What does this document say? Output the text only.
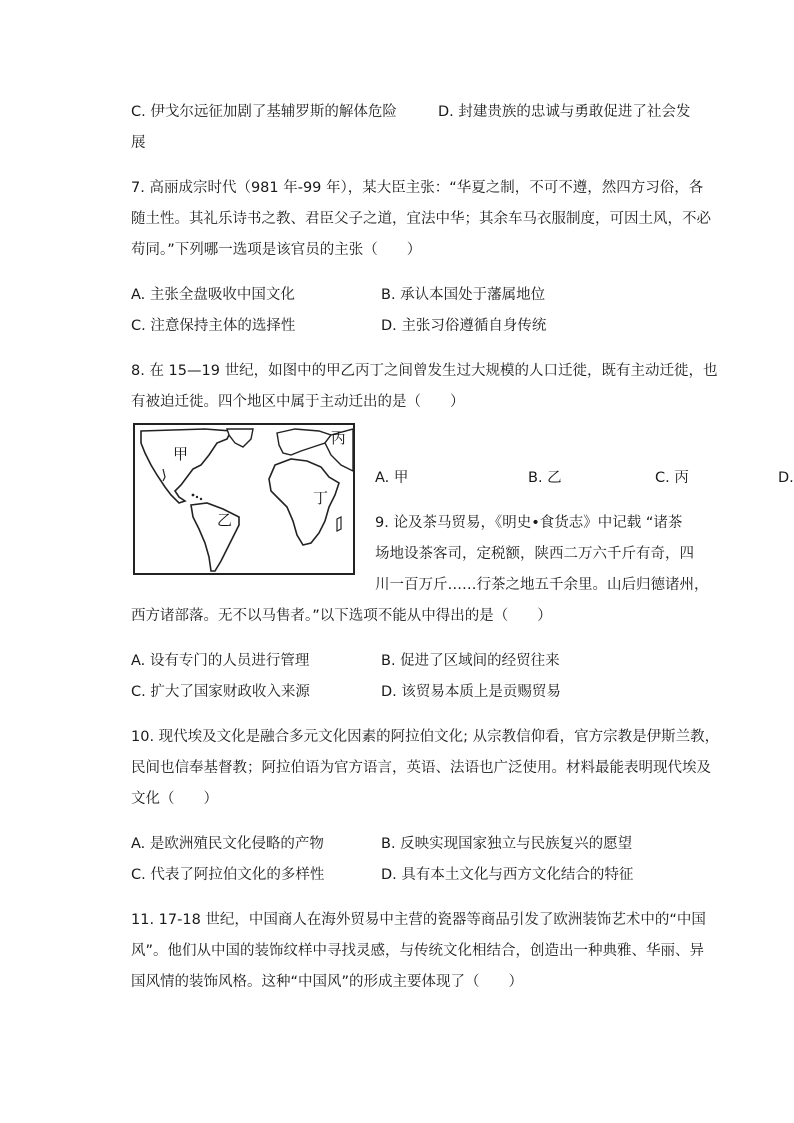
C. 伊戈尔远征加剧了基辅罗斯的解体危险	D. 封建贵族的忠诚与勇敢促进了社会发
展
7. 高丽成宗时代（981 年-99 年），某大臣主张：“华夏之制，不可不遵，然四方习俗，各
随土性。其礼乐诗书之教、君臣父子之道，宜法中华；其余车马衣服制度，可因土风，不必
苟同。”下列哪一选项是该官员的主张（　　）
A. 主张全盘吸收中国文化	B. 承认本国处于藩属地位
C. 注意保持主体的选择性	D. 主张习俗遵循自身传统
8. 在 15—19 世纪，如图中的甲乙丙丁之间曾发生过大规模的人口迁徙，既有主动迁徙，也
有被迫迁徙。四个地区中属于主动迁出的是（　　）
甲
乙
丙
丁
A. 甲	B. 乙	C. 丙	D.
9. 论及茶马贸易，《明史•食货志》中记载 “诸茶
场地设茶客司，定税额，陕西二万六千斤有奇，四
川一百万斤……行茶之地五千余里。山后归德诸州，
西方诸部落。无不以马售者。”以下选项不能从中得出的是（　　）
A. 设有专门的人员进行管理	B. 促进了区域间的经贸往来
C. 扩大了国家财政收入来源	D. 该贸易本质上是贡赐贸易
10. 现代埃及文化是融合多元文化因素的阿拉伯文化; 从宗教信仰看，官方宗教是伊斯兰教，
民间也信奉基督教；阿拉伯语为官方语言，英语、法语也广泛使用。材料最能表明现代埃及
文化（　　）
A. 是欧洲殖民文化侵略的产物	B. 反映实现国家独立与民族复兴的愿望
C. 代表了阿拉伯文化的多样性	D. 具有本土文化与西方文化结合的特征
11. 17-18 世纪，中国商人在海外贸易中主营的瓷器等商品引发了欧洲装饰艺术中的“中国
风”。他们从中国的装饰纹样中寻找灵感，与传统文化相结合，创造出一种典雅、华丽、异
国风情的装饰风格。这种“中国风”的形成主要体现了（　　）
